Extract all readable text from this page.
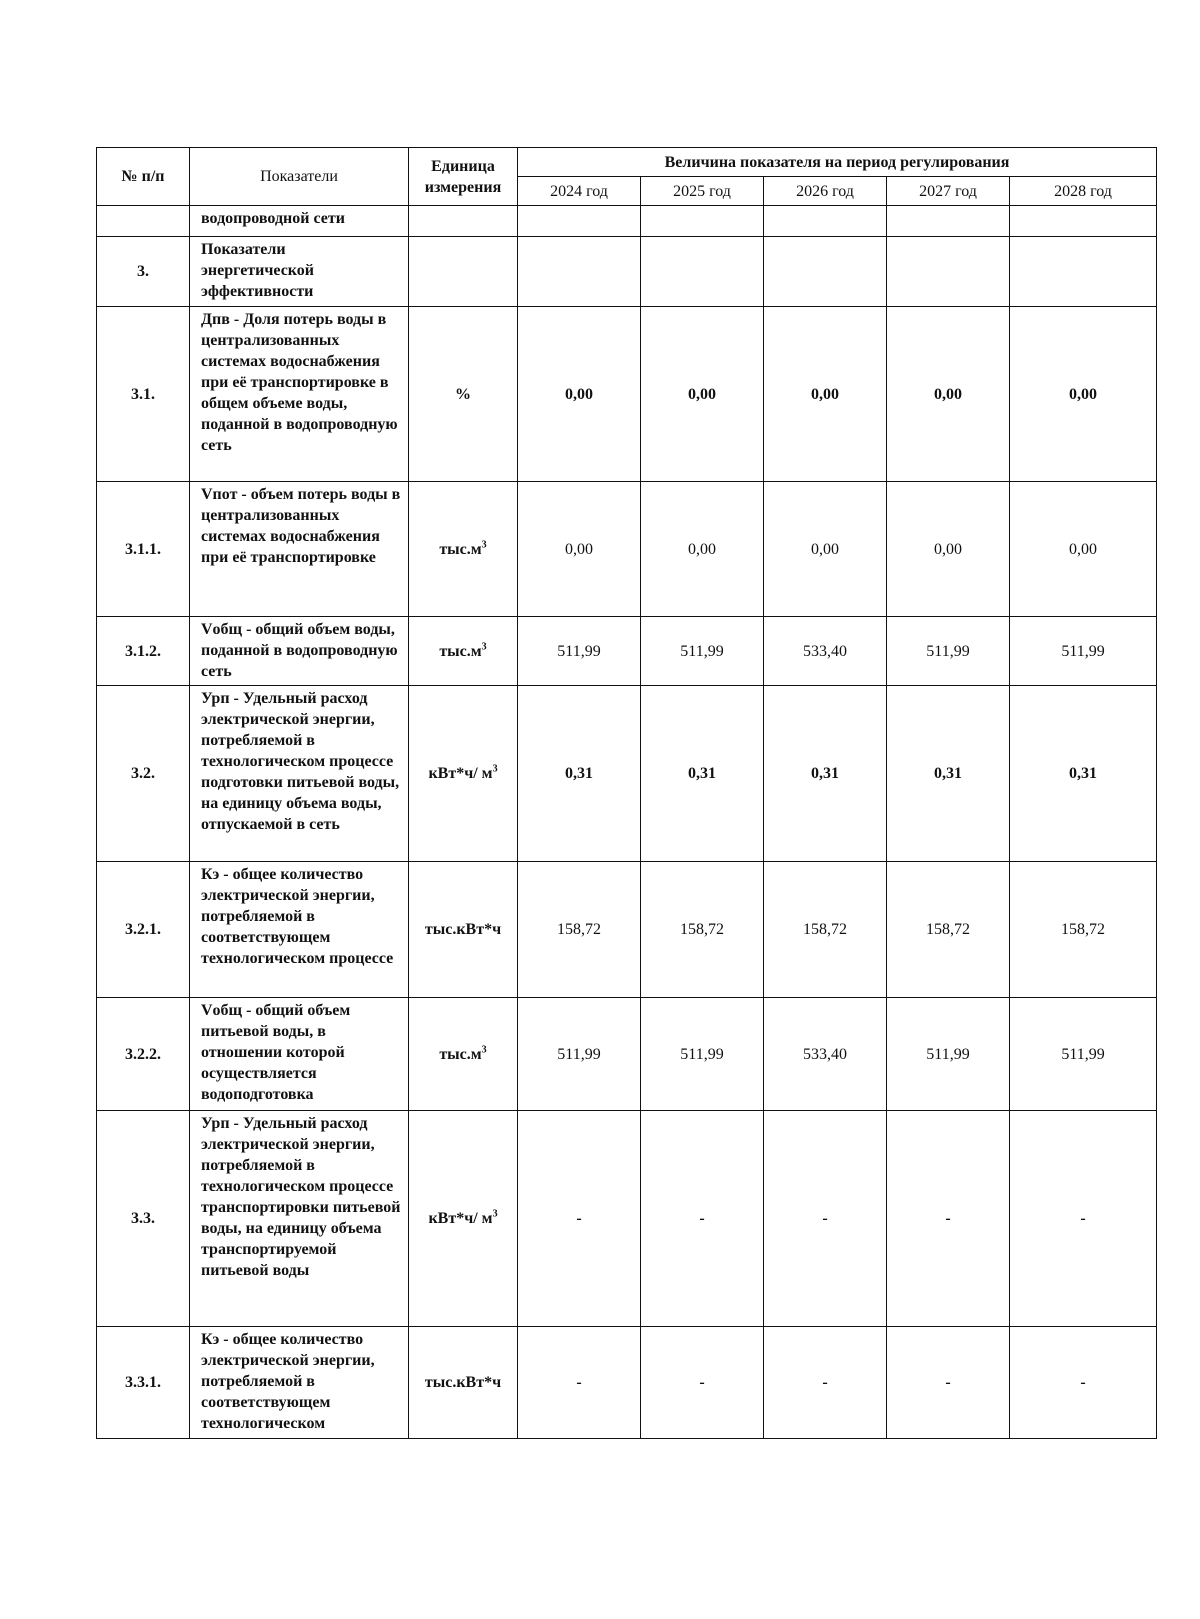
№ п/п	Показатели	Единица измерения	Величина показателя на период регулирования				
			2024 год	2025 год	2026 год	2027 год	2028 год
	водопроводной сети						
3.	Показатели энергетической эффективности						
3.1.	Дпв - Доля потерь воды в централизованных системах водоснабжения при её транспортировке в общем объеме воды, поданной в водопроводную сеть	%	0,00	0,00	0,00	0,00	0,00
3.1.1.	Vпот - объем потерь воды в централизованных системах водоснабжения при её транспортировке	$тыс.м^3$	0,00	0,00	0,00	0,00	0,00
3.1.2.	Vобщ - общий объем воды, поданной в водопроводную сеть	$тыс.м^3$	511,99	511,99	533,40	511,99	511,99
3.2.	Урп - Удельный расход электрической энергии, потребляемой в технологическом процессе подготовки питьевой воды, на единицу объема воды, отпускаемой в сеть	кВт*ч/ $м^3$	0,31	0,31	0,31	0,31	0,31
3.2.1.	Кэ - общее количество электрической энергии, потребляемой в соответствующем технологическом процессе	тыс.кВт*ч	158,72	158,72	158,72	158,72	158,72
3.2.2.	Vобщ - общий объем питьевой воды, в отношении которой осуществляется водоподготовка	$тыс.м^3$	511,99	511,99	533,40	511,99	511,99
3.3.	Урп - Удельный расход электрической энергии, потребляемой в технологическом процессе транспортировки питьевой воды, на единицу объема транспортируемой питьевой воды	кВт*ч/ $м^3$	-	-	-	-	-
3.3.1.	Кэ - общее количество электрической энергии, потребляемой в соответствующем технологическом	тыс.кВт*ч	-	-	-	-	-
